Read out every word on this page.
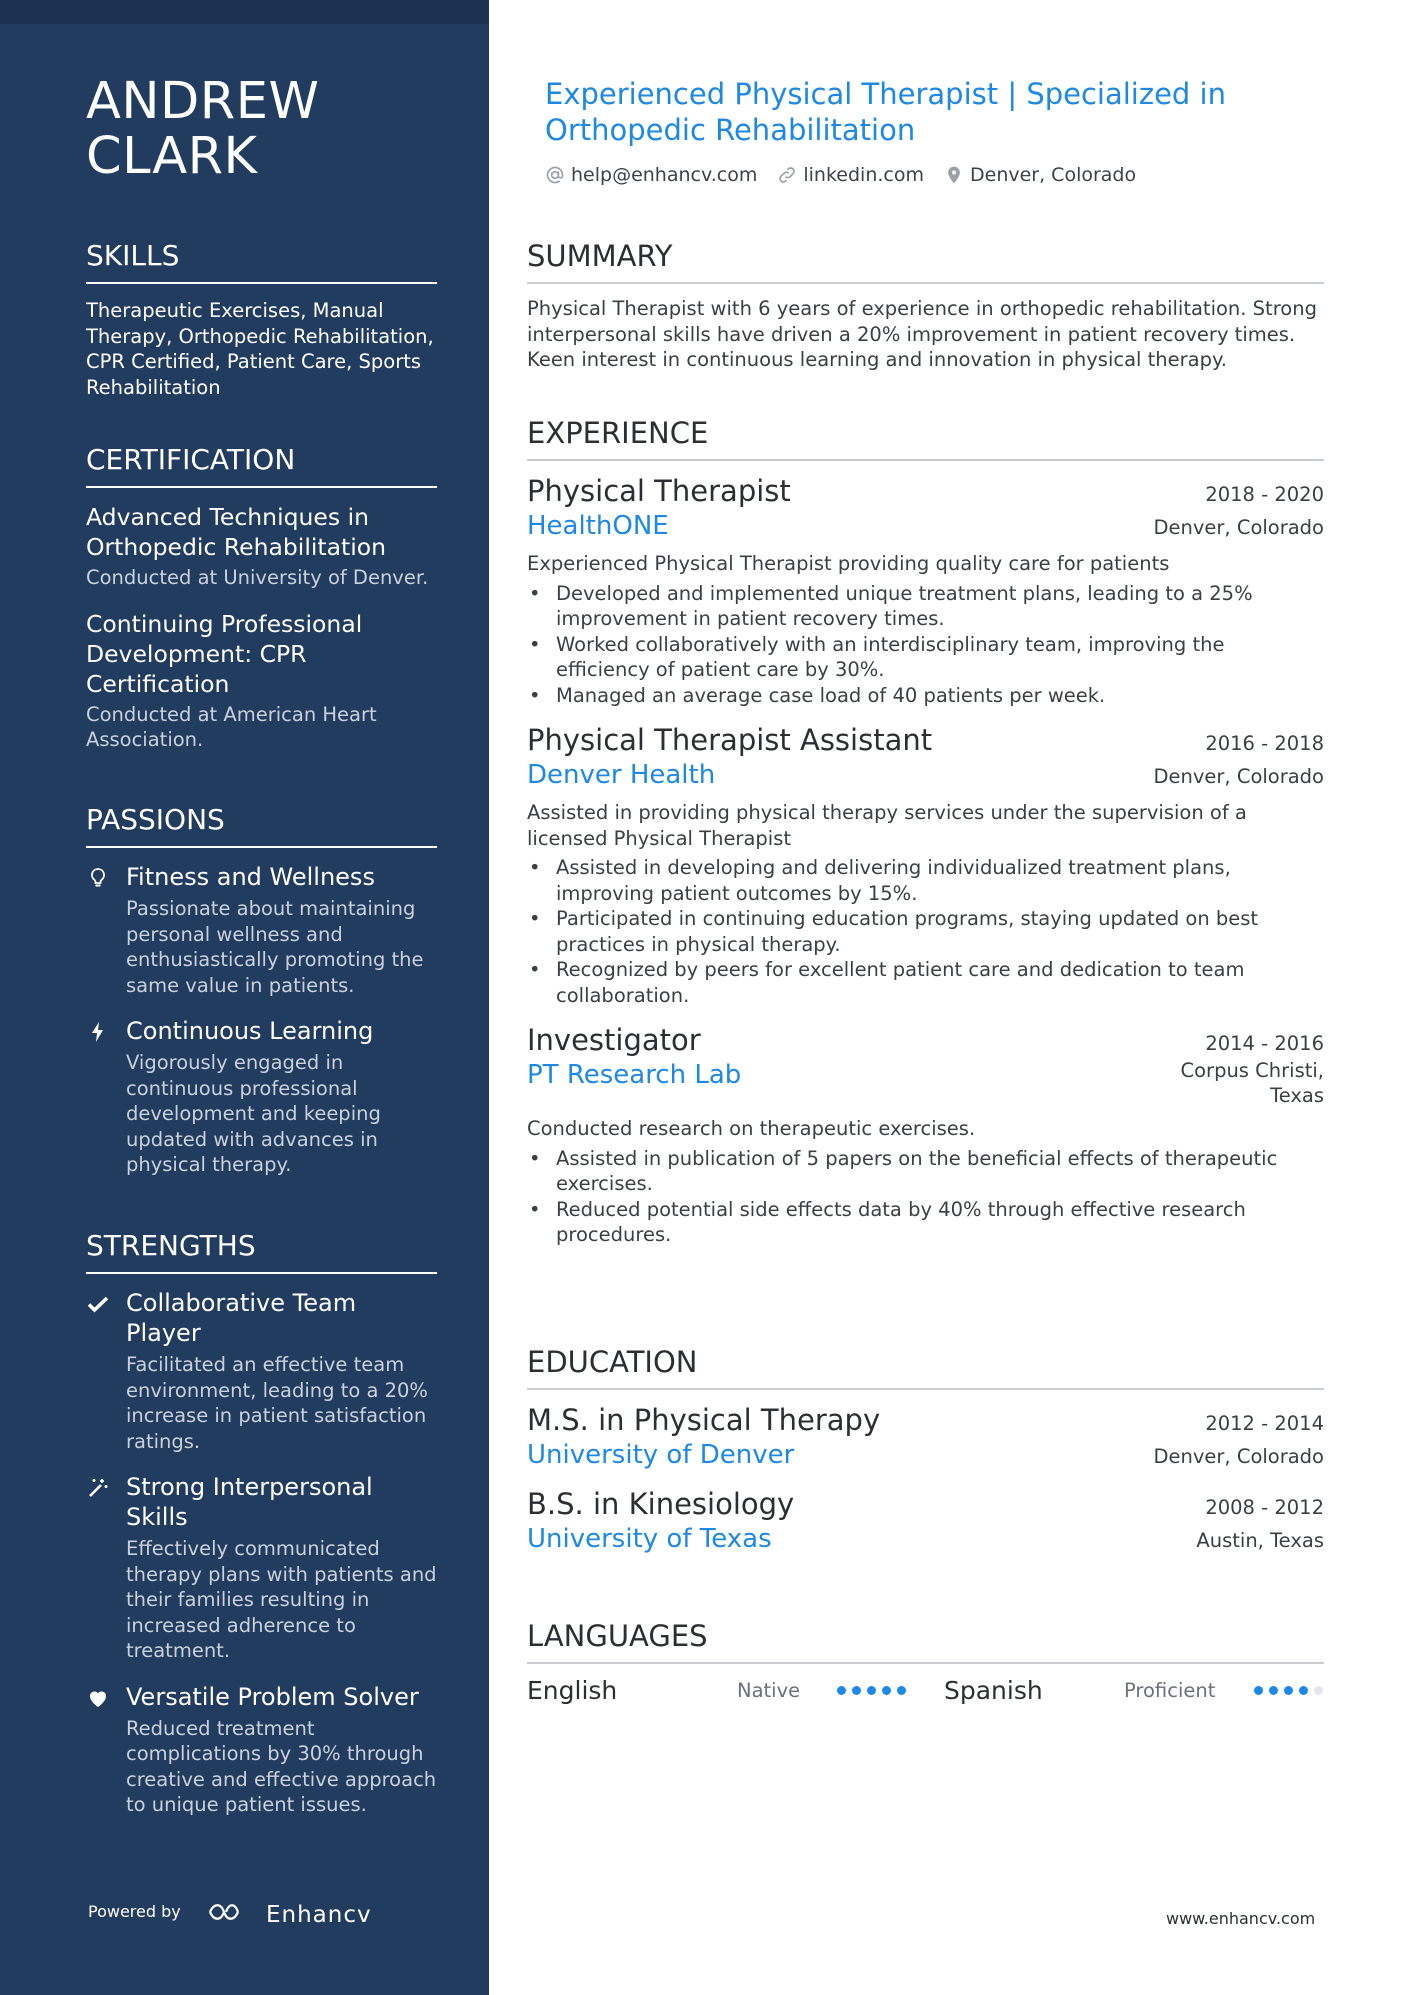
ANDREW CLARK
SKILLS
Therapeutic Exercises, Manual Therapy, Orthopedic Rehabilitation, CPR Certified, Patient Care, Sports Rehabilitation
CERTIFICATION

Advanced Techniques in Orthopedic Rehabilitation

Conducted at University of Denver.

Continuing Professional Development: CPR Certification

Conducted at American Heart Association.

PASSIONS
Fitness and Wellness
Passionate about maintaining personal wellness and enthusiastically promoting the same value in patients.
Continuous Learning
Vigorously engaged in continuous professional development and keeping updated with advances in physical therapy.
STRENGTHS
Collaborative Team Player
Facilitated an effective team environment, leading to a 20% increase in patient satisfaction ratings.
Strong Interpersonal Skills
Effectively communicated therapy plans with patients and their families resulting in increased adherence to treatment.
Versatile Problem Solver
Reduced treatment complications by 30% through creative and effective approach to unique patient issues.
Powered by	Enhancv
Experienced Physical Therapist | Specialized in Orthopedic Rehabilitation
help@enhancv.com linkedin.com Denver, Colorado
SUMMARY
Physical Therapist with 6 years of experience in orthopedic rehabilitation. Strong interpersonal skills have driven a 20% improvement in patient recovery times. Keen interest in continuous learning and innovation in physical therapy.
EXPERIENCE
Physical Therapist	2018 - 2020
HealthONE	Denver, Colorado
Experienced Physical Therapist providing quality care for patients
• Developed and implemented unique treatment plans, leading to a 25% improvement in patient recovery times.
• Worked collaboratively with an interdisciplinary team, improving the efficiency of patient care by 30%.
• Managed an average case load of 40 patients per week.
Physical Therapist Assistant	2016 - 2018
Denver Health	Denver, Colorado
Assisted in providing physical therapy services under the supervision of a licensed Physical Therapist
• Assisted in developing and delivering individualized treatment plans, improving patient outcomes by 15%.
• Participated in continuing education programs, staying updated on best practices in physical therapy.
• Recognized by peers for excellent patient care and dedication to team collaboration.
Investigator	2014 - 2016
PT Research Lab	Corpus Christi, Texas
Conducted research on therapeutic exercises.
• Assisted in publication of 5 papers on the beneficial effects of therapeutic exercises.
• Reduced potential side effects data by 40% through effective research procedures.
EDUCATION
M.S. in Physical Therapy	2012 - 2014
University of Denver	Denver, Colorado
B.S. in Kinesiology	2008 - 2012
University of Texas	Austin, Texas
LANGUAGES
English	Native	Spanish	Proficient
www.enhancv.com
